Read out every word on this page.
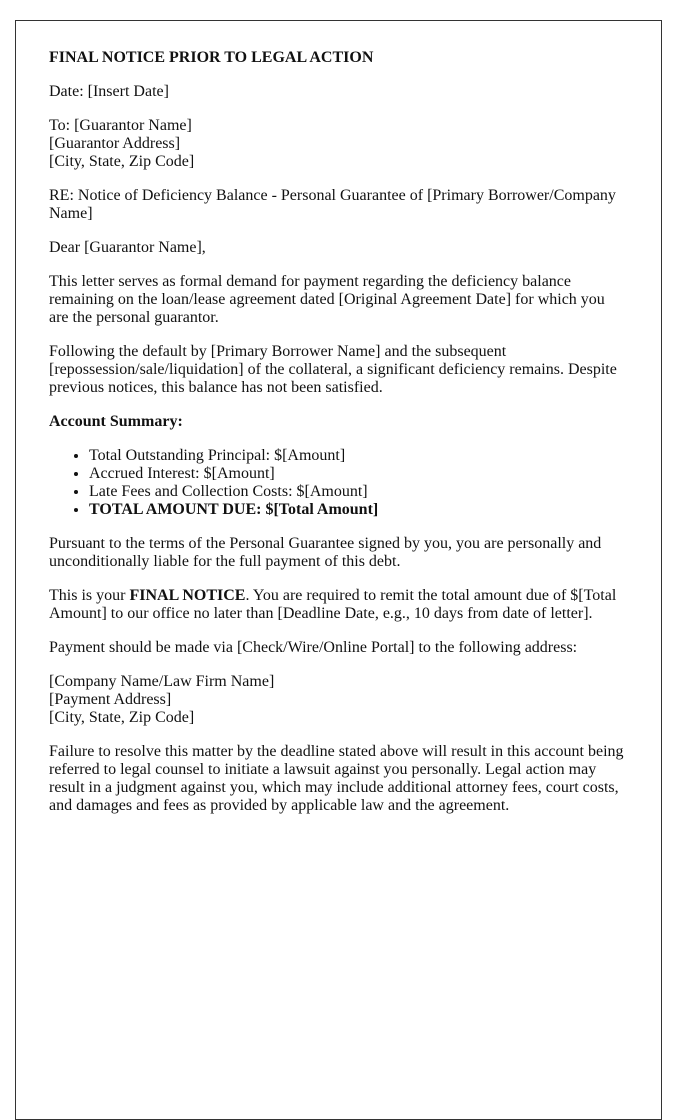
FINAL NOTICE PRIOR TO LEGAL ACTION

Date: [Insert Date]

To: [Guarantor Name]
[Guarantor Address]
[City, State, Zip Code]

RE: Notice of Deficiency Balance - Personal Guarantee of [Primary Borrower/Company Name]

Dear [Guarantor Name],

This letter serves as formal demand for payment regarding the deficiency balance remaining on the loan/lease agreement dated [Original Agreement Date] for which you are the personal guarantor.

Following the default by [Primary Borrower Name] and the subsequent [repossession/sale/liquidation] of the collateral, a significant deficiency remains. Despite previous notices, this balance has not been satisfied.

Account Summary:

• Total Outstanding Principal: $[Amount]
• Accrued Interest: $[Amount]
• Late Fees and Collection Costs: $[Amount]
• TOTAL AMOUNT DUE: $[Total Amount]

Pursuant to the terms of the Personal Guarantee signed by you, you are personally and unconditionally liable for the full payment of this debt.

This is your FINAL NOTICE. You are required to remit the total amount due of $[Total Amount] to our office no later than [Deadline Date, e.g., 10 days from date of letter].

Payment should be made via [Check/Wire/Online Portal] to the following address:

[Company Name/Law Firm Name]
[Payment Address]
[City, State, Zip Code]

Failure to resolve this matter by the deadline stated above will result in this account being referred to legal counsel to initiate a lawsuit against you personally. Legal action may result in a judgment against you, which may include additional attorney fees, court costs, and damages and fees as provided by applicable law and the agreement.
